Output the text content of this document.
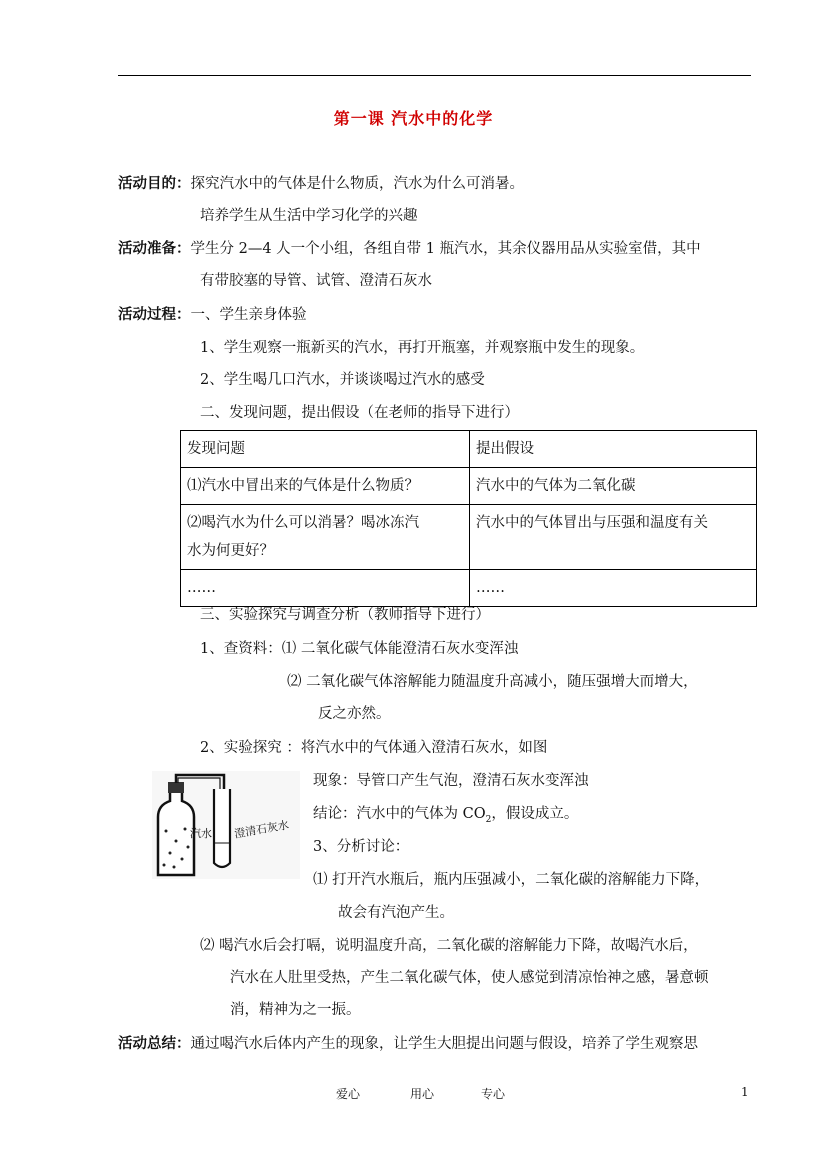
第一课 汽水中的化学
活动目的：探究汽水中的气体是什么物质，汽水为什么可消暑。
培养学生从生活中学习化学的兴趣
活动准备：学生分 2—4 人一个小组，各组自带 1 瓶汽水，其余仪器用品从实验室借，其中
有带胶塞的导管、试管、澄清石灰水
活动过程：一、学生亲身体验
1、学生观察一瓶新买的汽水，再打开瓶塞，并观察瓶中发生的现象。
2、学生喝几口汽水，并谈谈喝过汽水的感受
二、发现问题，提出假设（在老师的指导下进行）
发现问题	提出假设
⑴汽水中冒出来的气体是什么物质？	汽水中的气体为二氧化碳
⑵喝汽水为什么可以消暑？喝冰冻汽
水为何更好？	汽水中的气体冒出与压强和温度有关
……	……
三、实验探究与调查分析（教师指导下进行）
1、查资料：⑴ 二氧化碳气体能澄清石灰水变浑浊
⑵ 二氧化碳气体溶解能力随温度升高减小，随压强增大而增大，
反之亦然。
2、实验探究 ：将汽水中的气体通入澄清石灰水，如图
汽水 澄清石灰水
现象：导管口产生气泡，澄清石灰水变浑浊
结论：汽水中的气体为 $CO_2$，假设成立。
3、分析讨论：
⑴ 打开汽水瓶后，瓶内压强减小，二氧化碳的溶解能力下降，
故会有汽泡产生。
⑵ 喝汽水后会打嗝，说明温度升高，二氧化碳的溶解能力下降，故喝汽水后，
汽水在人肚里受热，产生二氧化碳气体，使人感觉到清凉怡神之感，暑意顿
消，精神为之一振。
活动总结：通过喝汽水后体内产生的现象，让学生大胆提出问题与假设，培养了学生观察思
爱心	用心	专心	1
